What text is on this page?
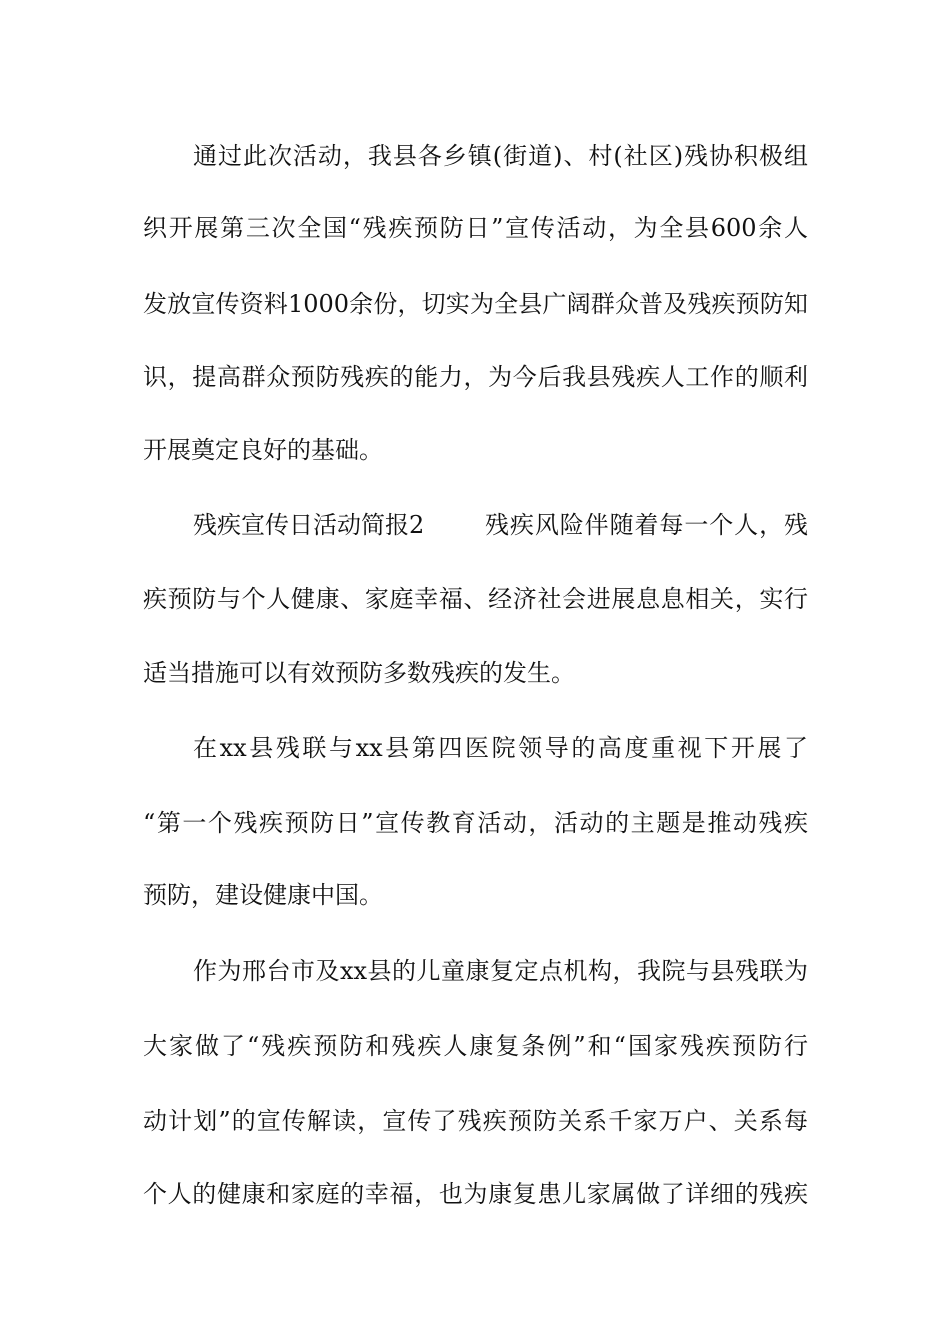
通过此次活动，我县各乡镇(街道)、村(社区)残协积极组
织开展第三次全国“残疾预防日”宣传活动，为全县600余人
发放宣传资料1000余份，切实为全县广阔群众普及残疾预防知
识，提高群众预防残疾的能力，为今后我县残疾人工作的顺利
开展奠定良好的基础。
残疾宣传日活动简报2	残疾风险伴随着每一个人，残
疾预防与个人健康、家庭幸福、经济社会进展息息相关，实行
适当措施可以有效预防多数残疾的发生。
在xx县残联与xx县第四医院领导的高度重视下开展了
“第一个残疾预防日”宣传教育活动，活动的主题是推动残疾
预防，建设健康中国。
作为邢台市及xx县的儿童康复定点机构，我院与县残联为
大家做了“残疾预防和残疾人康复条例”和“国家残疾预防行
动计划”的宣传解读，宣传了残疾预防关系千家万户、关系每
个人的健康和家庭的幸福，也为康复患儿家属做了详细的残疾
